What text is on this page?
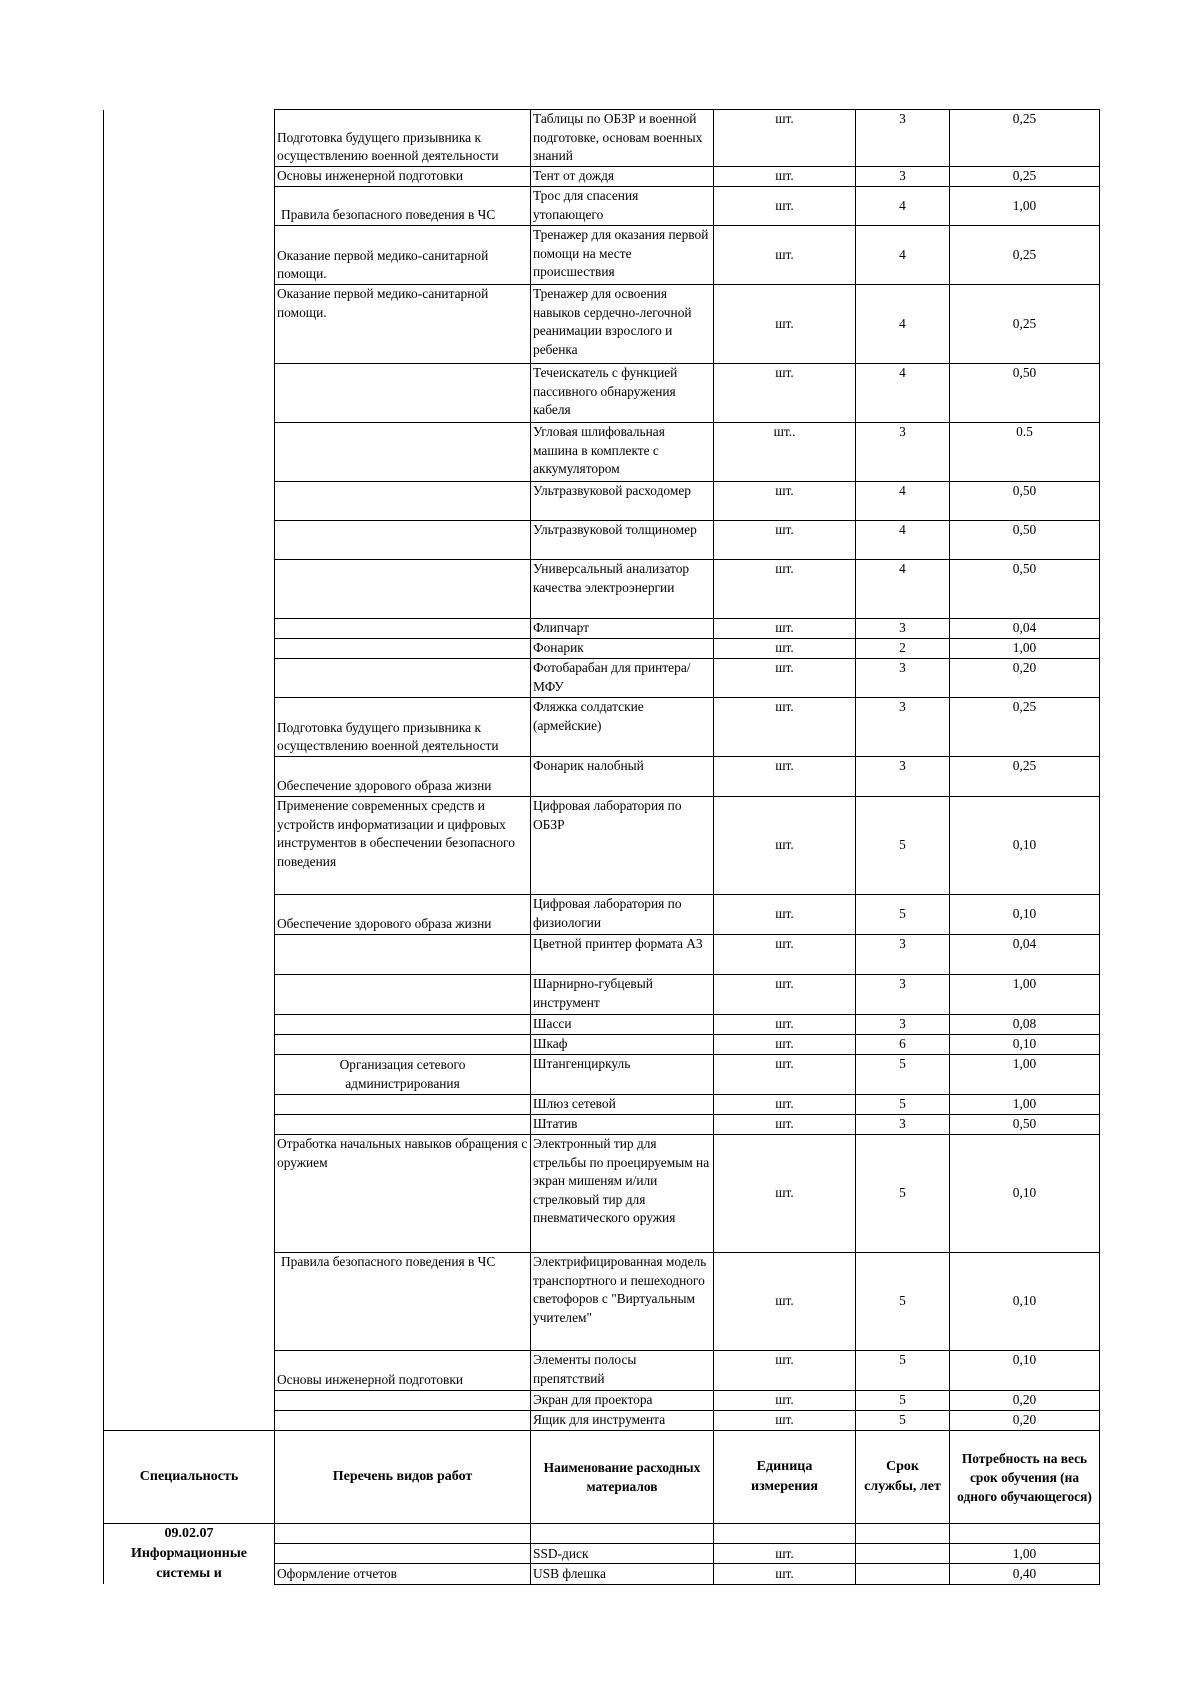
	Подготовка будущего призывника к осуществлению военной деятельности	Таблицы по ОБЗР и военной подготовке, основам военных знаний	шт.	3	0,25
	Основы инженерной подготовки	Тент от дождя	шт.	3	0,25
	Правила безопасного поведения в ЧС	Трос для спасения утопающего	шт.	4	1,00
	Оказание первой медико-санитарной помощи.	Тренажер для оказания первой помощи на месте происшествия	шт.	4	0,25
	Оказание первой медико-санитарной помощи.	Тренажер для освоения навыков сердечно-легочной реанимации взрослого и ребенка	шт.	4	0,25
		Течеискатель с функцией пассивного обнаружения кабеля	шт.	4	0,50
		Угловая шлифовальная машина в комплекте с аккумулятором	шт..	3	0.5
		Ультразвуковой расходомер	шт.	4	0,50
		Ультразвуковой толщиномер	шт.	4	0,50
		Универсальный анализатор качества электроэнергии	шт.	4	0,50
		Флипчарт	шт.	3	0,04
		Фонарик	шт.	2	1,00
		Фотобарабан для принтера/МФУ	шт.	3	0,20
	Подготовка будущего призывника к осуществлению военной деятельности	Фляжка солдатские (армейские)	шт.	3	0,25
	Обеспечение здорового образа жизни	Фонарик налобный	шт.	3	0,25
	Применение современных средств и устройств информатизации и цифровых инструментов в обеспечении безопасного поведения	Цифровая лаборатория по ОБЗР	шт.	5	0,10
	Обеспечение здорового образа жизни	Цифровая лаборатория по физиологии	шт.	5	0,10
		Цветной принтер формата А3	шт.	3	0,04
		Шарнирно-губцевый инструмент	шт.	3	1,00
		Шасси	шт.	3	0,08
		Шкаф	шт.	6	0,10
	Организация сетевого администрирования	Штангенциркуль	шт.	5	1,00
		Шлюз сетевой	шт.	5	1,00
		Штатив	шт.	3	0,50
	Отработка начальных навыков обращения с оружием	Электронный тир для стрельбы по проецируемым на экран мишеням и/или стрелковый тир для пневматического оружия	шт.	5	0,10
	Правила безопасного поведения в ЧС	Электрифицированная модель транспортного и пешеходного светофоров с "Виртуальным учителем"	шт.	5	0,10
	Основы инженерной подготовки	Элементы полосы препятствий	шт.	5	0,10
		Экран для проектора	шт.	5	0,20
		Ящик для инструмента	шт.	5	0,20
Специальность	Перечень видов работ	Наименование расходных материалов	Единица измерения	Срок службы, лет	Потребность на весь срок обучения (на одного обучающегося)
09.02.07 Информационные системы и					
		SSD-диск	шт.		1,00
	Оформление отчетов	USB флешка	шт.		0,40
